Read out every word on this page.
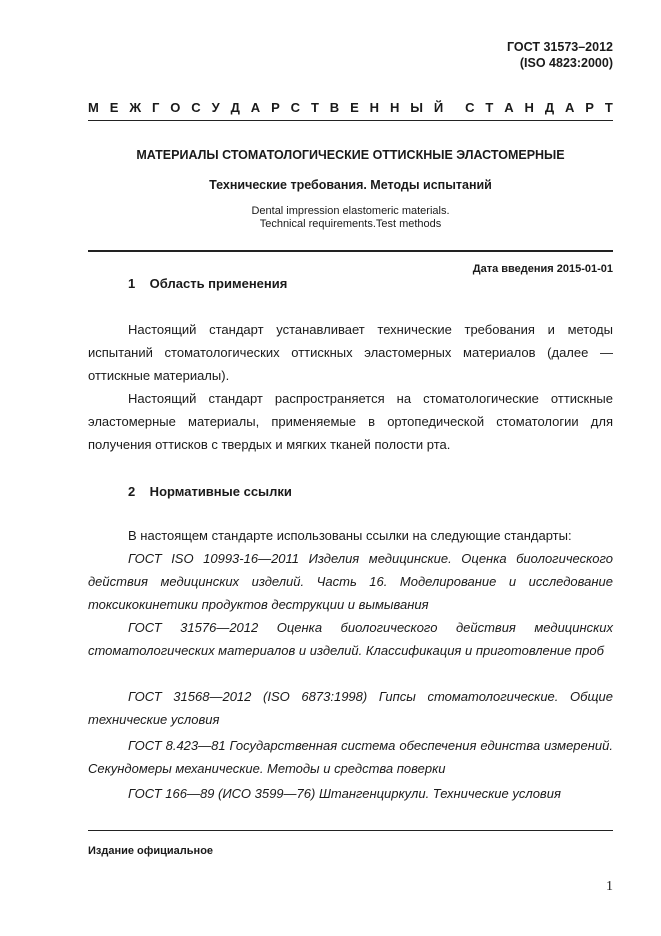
ГОСТ 31573–2012
(ISO 4823:2000)
М Е Ж Г О С У Д А Р С Т В Е Н Н Ы Й С Т А Н Д А Р Т
МАТЕРИАЛЫ СТОМАТОЛОГИЧЕСКИЕ ОТТИСКНЫЕ ЭЛАСТОМЕРНЫЕ
Технические требования. Методы испытаний
Dental impression elastomeric materials.
Technical requirements.Test methods
Дата введения 2015-01-01
1    Область применения
Настоящий стандарт устанавливает технические требования и методы испытаний стоматологических оттискных эластомерных материалов (далее — оттискные материалы).
Настоящий стандарт распространяется на стоматологические оттискные эластомерные материалы, применяемые в ортопедической стоматологии для получения оттисков с твердых и мягких тканей полости рта.
2    Нормативные ссылки
В настоящем стандарте использованы ссылки на следующие стандарты:
ГОСТ ISO 10993-16—2011 Изделия медицинские. Оценка биологического действия медицинских изделий. Часть 16. Моделирование и исследование токсикокинетики продуктов деструкции и вымывания
ГОСТ 31576—2012 Оценка биологического действия медицинских стоматологических материалов и изделий. Классификация и приготовление проб
ГОСТ 31568—2012 (ISO 6873:1998) Гипсы стоматологические. Общие технические условия
ГОСТ 8.423—81 Государственная система обеспечения единства измерений. Секундомеры механические. Методы и средства поверки
ГОСТ 166—89 (ИСО 3599—76) Штангенциркули. Технические условия
Издание официальное
1
